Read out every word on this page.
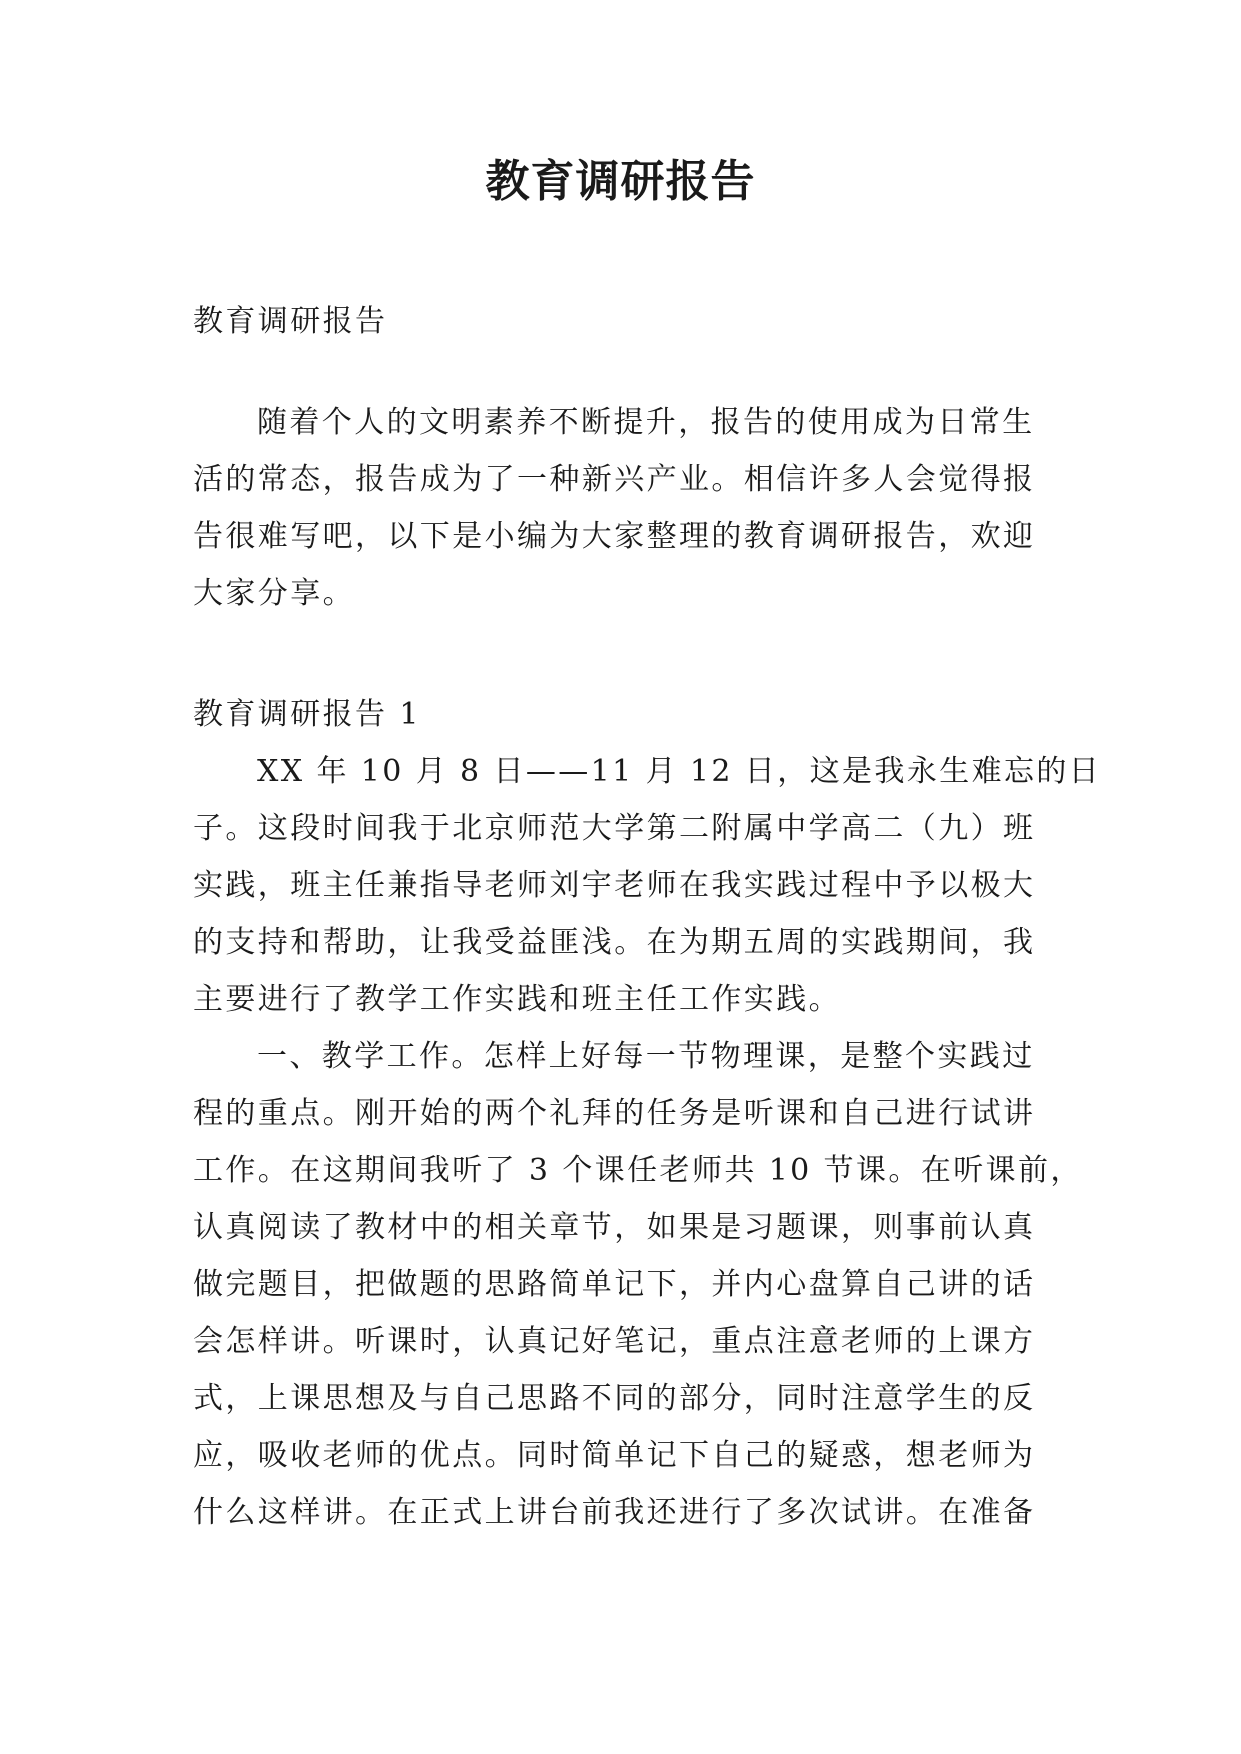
教育调研报告
教育调研报告
随着个人的文明素养不断提升，报告的使用成为日常生
活的常态，报告成为了一种新兴产业。相信许多人会觉得报
告很难写吧，以下是小编为大家整理的教育调研报告，欢迎
大家分享。
教育调研报告 1
XX 年 10 月 8 日——11 月 12 日，这是我永生难忘的日
子。这段时间我于北京师范大学第二附属中学高二（九）班
实践，班主任兼指导老师刘宇老师在我实践过程中予以极大
的支持和帮助，让我受益匪浅。在为期五周的实践期间，我
主要进行了教学工作实践和班主任工作实践。
一、教学工作。怎样上好每一节物理课，是整个实践过
程的重点。刚开始的两个礼拜的任务是听课和自己进行试讲
工作。在这期间我听了 3 个课任老师共 10 节课。在听课前，
认真阅读了教材中的相关章节，如果是习题课，则事前认真
做完题目，把做题的思路简单记下，并内心盘算自己讲的话
会怎样讲。听课时，认真记好笔记，重点注意老师的上课方
式，上课思想及与自己思路不同的部分，同时注意学生的反
应，吸收老师的优点。同时简单记下自己的疑惑，想老师为
什么这样讲。在正式上讲台前我还进行了多次试讲。在准备
